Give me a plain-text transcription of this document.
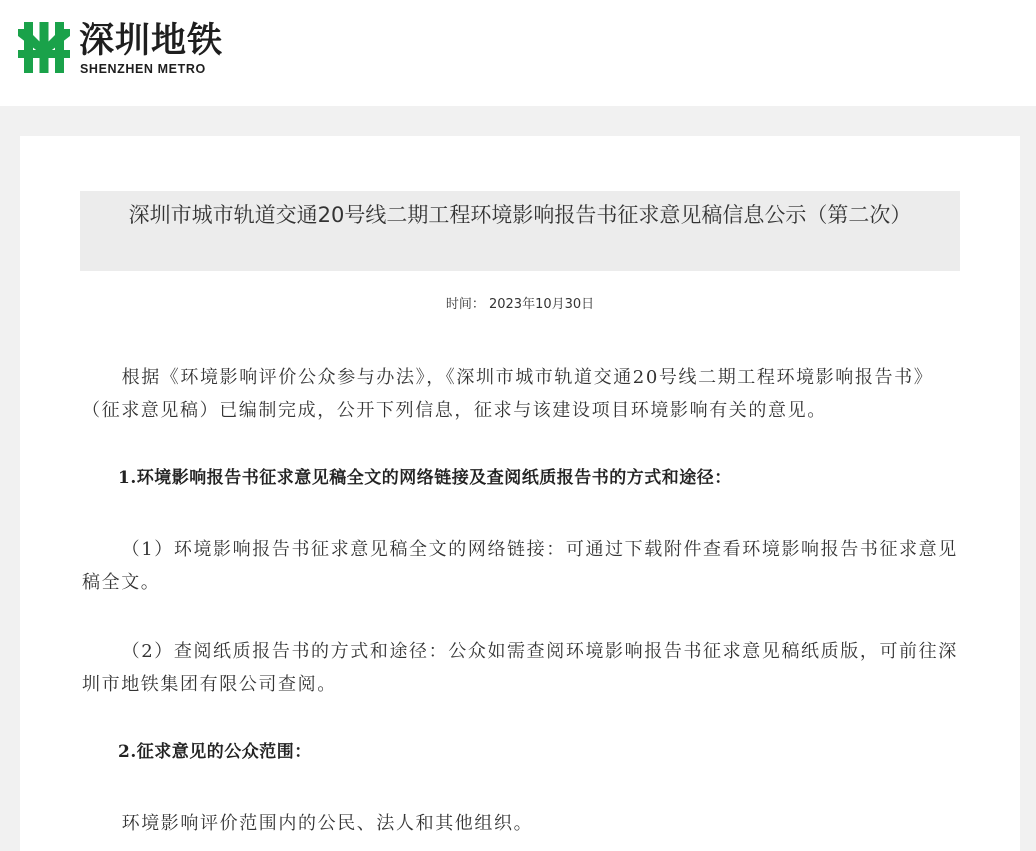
深圳地铁
SHENZHEN METRO
深圳市城市轨道交通20号线二期工程环境影响报告书征求意见稿信息公示（第二次）
时间： 2023年10月30日
根据《环境影响评价公众参与办法》，《深圳市城市轨道交通20号线二期工程环境影响报告书》（征求意见稿）已编制完成，公开下列信息，征求与该建设项目环境影响有关的意见。
1.环境影响报告书征求意见稿全文的网络链接及查阅纸质报告书的方式和途径：
（1）环境影响报告书征求意见稿全文的网络链接：可通过下载附件查看环境影响报告书征求意见稿全文。
（2）查阅纸质报告书的方式和途径：公众如需查阅环境影响报告书征求意见稿纸质版，可前往深圳市地铁集团有限公司查阅。
2.征求意见的公众范围：
环境影响评价范围内的公民、法人和其他组织。
